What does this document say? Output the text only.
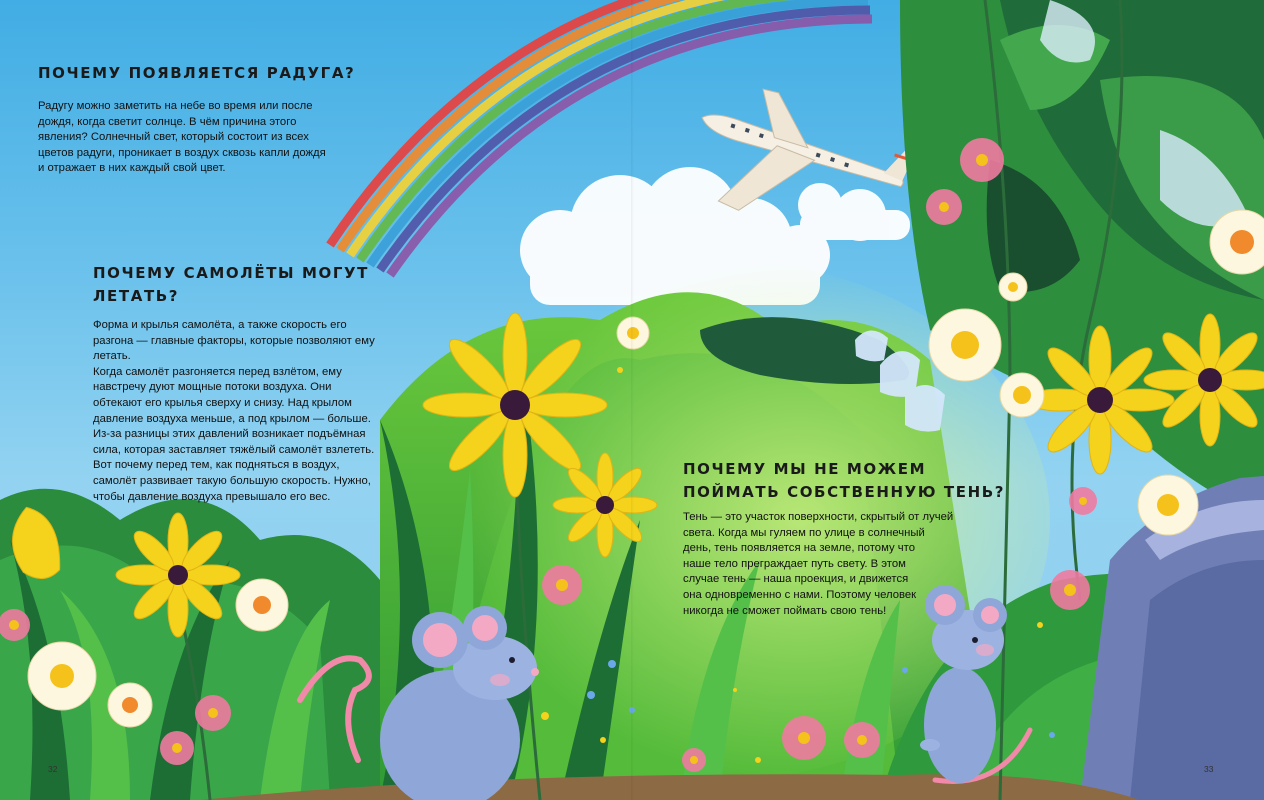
ПОЧЕМУ ПОЯВЛЯЕТСЯ РАДУГА?

Радугу можно заметить на небе во время или после

дождя, когда светит солнце. В чём причина этого

явления? Солнечный свет, который состоит из всех

цветов радуги, проникает в воздух сквозь капли дождя

и отражает в них каждый свой цвет.

ПОЧЕМУ САМОЛЁТЫ МОГУТ
ЛЕТАТЬ?

Форма и крылья самолёта, а также скорость его

разгона — главные факторы, которые позволяют ему

летать.

Когда самолёт разгоняется перед взлётом, ему

навстречу дуют мощные потоки воздуха. Они

обтекают его крылья сверху и снизу. Над крылом

давление воздуха меньше, а под крылом — больше.

Из-за разницы этих давлений возникает подъёмная

сила, которая заставляет тяжёлый самолёт взлететь.

Вот почему перед тем, как подняться в воздух,

самолёт развивает такую большую скорость. Нужно,

чтобы давление воздуха превышало его вес.

ПОЧЕМУ МЫ НЕ МОЖЕМ
ПОЙМАТЬ СОБСТВЕННУЮ ТЕНЬ?

Тень — это участок поверхности, скрытый от лучей

света. Когда мы гуляем по улице в солнечный

день, тень появляется на земле, потому что

наше тело преграждает путь свету. В этом

случае тень — наша проекция, и движется

она одновременно с нами. Поэтому человек

никогда не сможет поймать свою тень!

32	33
